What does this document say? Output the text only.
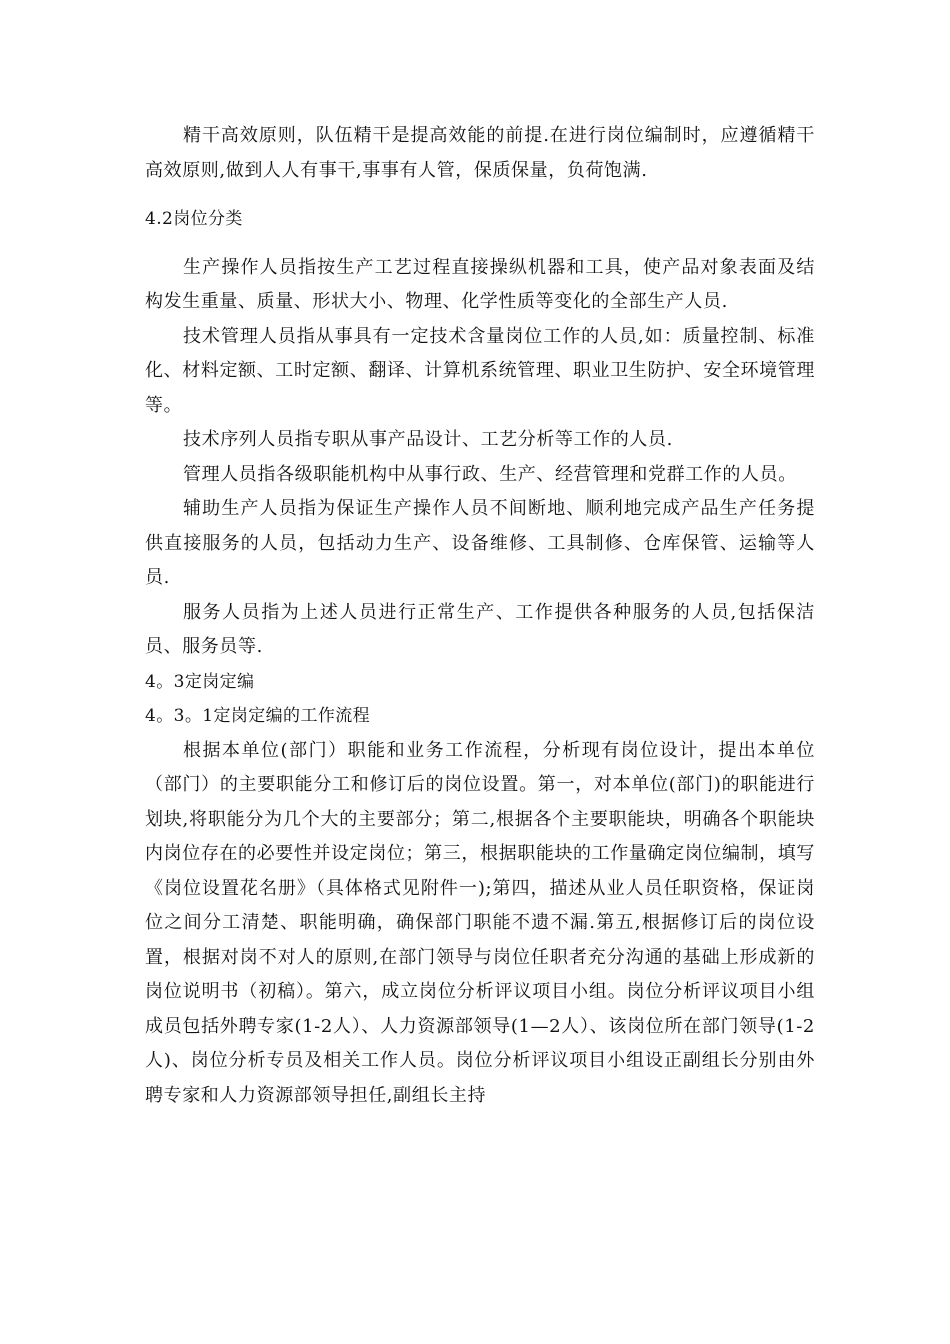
精干高效原则，队伍精干是提高效能的前提.在进行岗位编制时，应遵循精干高效原则,做到人人有事干,事事有人管，保质保量，负荷饱满.

4.2岗位分类

生产操作人员指按生产工艺过程直接操纵机器和工具，使产品对象表面及结构发生重量、质量、形状大小、物理、化学性质等变化的全部生产人员.

技术管理人员指从事具有一定技术含量岗位工作的人员,如：质量控制、标准化、材料定额、工时定额、翻译、计算机系统管理、职业卫生防护、安全环境管理等。

技术序列人员指专职从事产品设计、工艺分析等工作的人员.

管理人员指各级职能机构中从事行政、生产、经营管理和党群工作的人员。

辅助生产人员指为保证生产操作人员不间断地、顺利地完成产品生产任务提供直接服务的人员，包括动力生产、设备维修、工具制修、仓库保管、运输等人员.

服务人员指为上述人员进行正常生产、工作提供各种服务的人员,包括保洁员、服务员等.

4。3定岗定编

4。3。1定岗定编的工作流程

根据本单位(部门）职能和业务工作流程，分析现有岗位设计，提出本单位（部门）的主要职能分工和修订后的岗位设置。第一，对本单位(部门)的职能进行划块,将职能分为几个大的主要部分；第二,根据各个主要职能块，明确各个职能块内岗位存在的必要性并设定岗位；第三，根据职能块的工作量确定岗位编制，填写《岗位设置花名册》（具体格式见附件一);第四，描述从业人员任职资格，保证岗位之间分工清楚、职能明确，确保部门职能不遗不漏.第五,根据修订后的岗位设置，根据对岗不对人的原则,在部门领导与岗位任职者充分沟通的基础上形成新的岗位说明书（初稿）。第六，成立岗位分析评议项目小组。岗位分析评议项目小组成员包括外聘专家(1-2人）、人力资源部领导(1—2人）、该岗位所在部门领导(1-2人)、岗位分析专员及相关工作人员。岗位分析评议项目小组设正副组长分别由外聘专家和人力资源部领导担任,副组长主持
